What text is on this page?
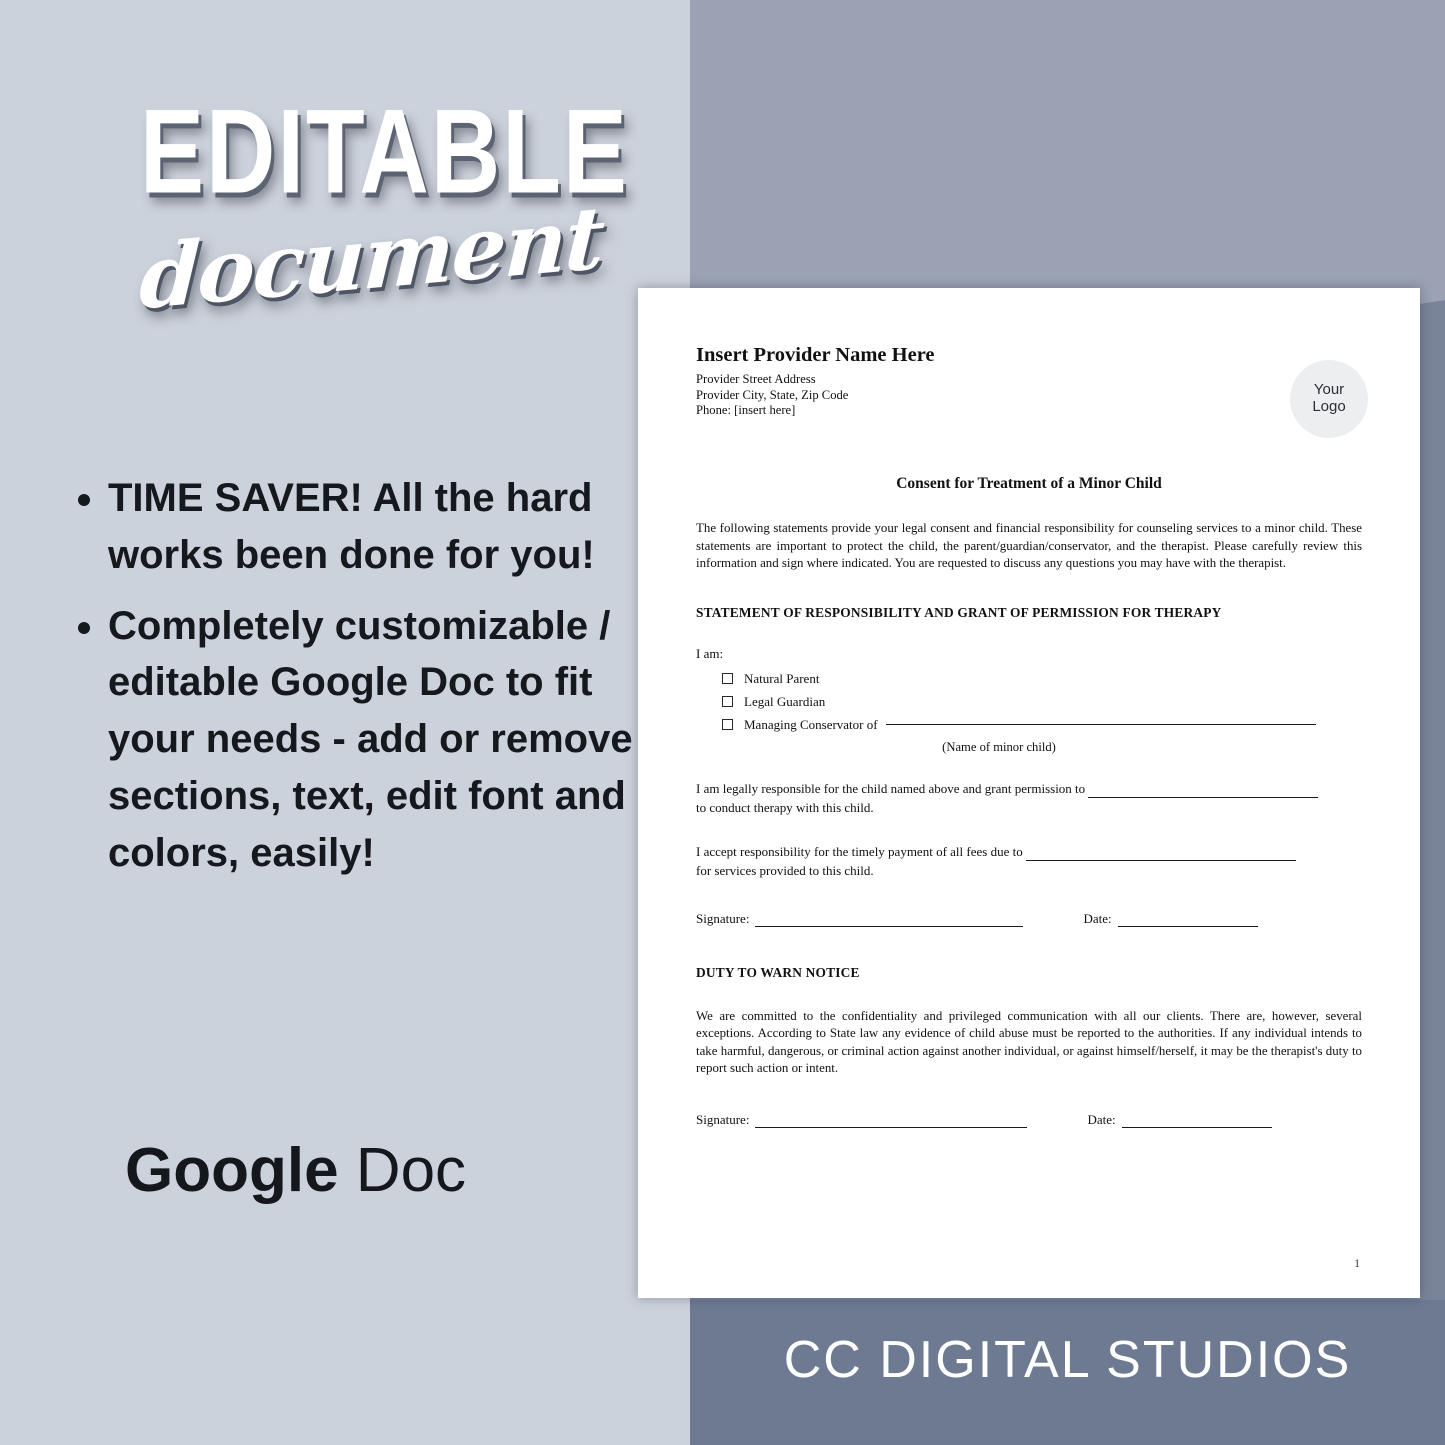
EDITABLE
document
• TIME SAVER! All the hard works been done for you!
• Completely customizable / editable Google Doc to fit your needs - add or remove sections, text, edit font and colors, easily!
Google Doc
CC DIGITAL STUDIOS
Insert Provider Name Here
Provider Street Address
Provider City, State, Zip Code
Phone: [insert here]
Your
Logo
Consent for Treatment of a Minor Child

The following statements provide your legal consent and financial responsibility for counseling services to a minor child. These statements are important to protect the child, the parent/guardian/conservator, and the therapist. Please carefully review this information and sign where indicated. You are requested to discuss any questions you may have with the therapist.

STATEMENT OF RESPONSIBILITY AND GRANT OF PERMISSION FOR THERAPY
I am:
Natural Parent
Legal Guardian
Managing Conservator of
(Name of minor child)
I am legally responsible for the child named above and grant permission to
to conduct therapy with this child.
I accept responsibility for the timely payment of all fees due to
for services provided to this child.
Signature:	Date:
DUTY TO WARN NOTICE

We are committed to the confidentiality and privileged communication with all our clients. There are, however, several exceptions. According to State law any evidence of child abuse must be reported to the authorities. If any individual intends to take harmful, dangerous, or criminal action against another individual, or against himself/herself, it may be the therapist's duty to report such action or intent.

Signature:	Date:
1
